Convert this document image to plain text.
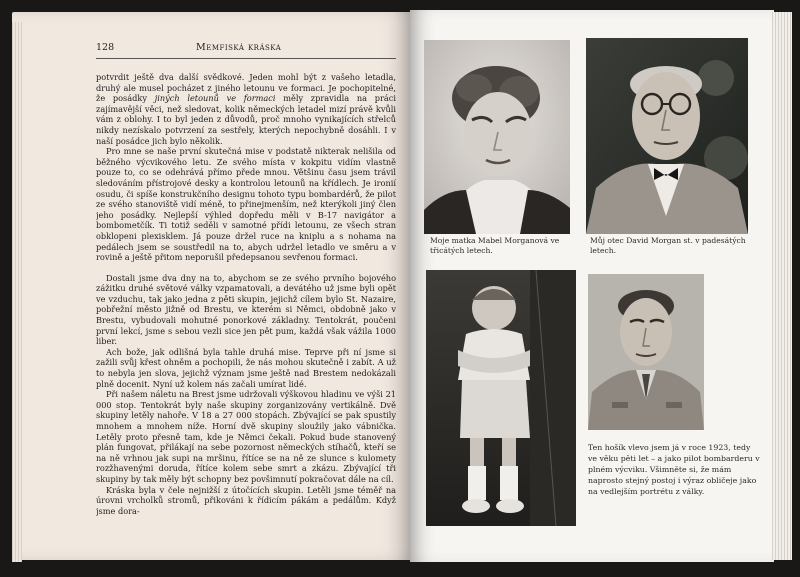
128	Memfiská kráska

potvrdit ještě dva další svědkové. Jeden mohl být z vašeho letadla, druhý ale musel pocházet z jiného letounu ve formaci. Je pochopitelné, že posádky jiných letounů ve formaci měly zpravidla na práci zajímavější věci, než sledovat, kolik německých letadel mizí právě kvůli vám z oblohy. I to byl jeden z důvodů, proč mnoho vynikajících střelců nikdy nezískalo potvrzení za sestřely, kterých nepochybně dosáhli. I v naší posádce jich bylo několik.

Pro mne se naše první skutečná mise v podstatě nikterak nelišila od běžného výcvikového letu. Ze svého místa v kokpitu vidím vlastně pouze to, co se odehrává přímo přede mnou. Většinu času jsem trávil sledováním přístrojové desky a kontrolou letounů na křídlech. Je ironií osudu, či spíše konstrukčního designu tohoto typu bombardérů, že pilot ze svého stanoviště vidí méně, to přinejmenším, než kterýkoli jiný člen jeho posádky. Nejlepší výhled dopředu měli v B-17 navigátor a bombometčík. Ti totiž seděli v samotné přídi letounu, ze všech stran obklopeni plexisklem. Já pouze držel ruce na kniplu a s nohama na pedálech jsem se soustředil na to, abych udržel letadlo ve směru a v rovině a ještě přitom neporušil předepsanou sevřenou formaci.

Dostali jsme dva dny na to, abychom se ze svého prvního bojového zážitku druhé světové války vzpamatovali, a devátého už jsme byli opět ve vzduchu, tak jako jedna z pěti skupin, jejichž cílem bylo St. Nazaire, pobřežní město jižně od Brestu, ve kterém si Němci, obdobně jako v Brestu, vybudovali mohutné ponorkové základny. Tentokrát, poučeni první lekcí, jsme s sebou vezli sice jen pět pum, každá však vážila 1000 liber.

Ach bože, jak odlišná byla tahle druhá mise. Teprve při ní jsme si zažili svůj křest ohněm a pochopili, že nás mohou skutečně i zabít. A už to nebyla jen slova, jejichž význam jsme ještě nad Brestem nedokázali plně docenit. Nyní už kolem nás začali umírat lidé.

Při našem náletu na Brest jsme udržovali výškovou hladinu ve výši 21 000 stop. Tentokrát byly naše skupiny zorganizovány vertikálně. Dvě skupiny letěly nahoře. V 18 a 27 000 stopách. Zbývající se pak spustily mnohem a mnohem níže. Horní dvě skupiny sloužily jako vábnička. Letěly proto přesně tam, kde je Němci čekali. Pokud bude stanovený plán fungovat, přilákají na sebe pozornost německých stíhačů, kteří se na ně vrhnou jak supi na mršinu, řítíce se na ně ze slunce s kulomety rozžhavenými doruda, řítíce kolem sebe smrt a zkázu. Zbývající tři skupiny by tak měly být schopny bez povšimnutí pokračovat dále na cíl.

Kráska byla v čele nejnižší z útočících skupin. Letěli jsme téměř na úrovni vrcholků stromů, přikováni k řídicím pákám a pedálům. Když jsme dora-

Moje matka Mabel Morganová ve třicátých letech.
Můj otec David Morgan st. v padesátých letech.
Ten hošík vlevo jsem já v roce 1923, tedy ve věku pěti let – a jako pilot bombarderu v plném výcviku. Všimněte si, že mám naprosto stejný postoj i výraz obličeje jako na vedlejším portrétu z války.
